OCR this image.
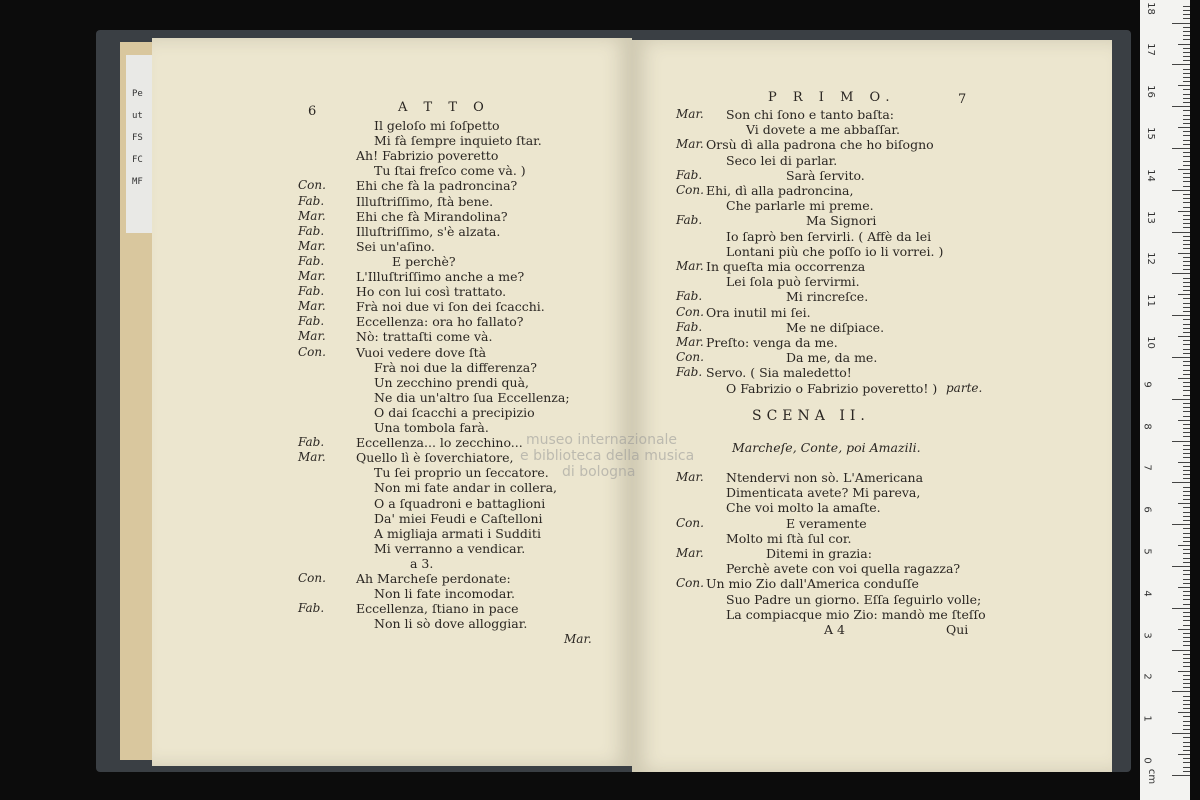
Pe
ut
FS
FC
MF
6	A T T O
Mar.
Il geloſo mi ſoſpetto
Mi fà ſempre inquieto ſtar.
Ah! Fabrizio poveretto
Tu ſtai freſco come và. )
Con. Ehi che fà la padroncina?
Fab.	Illuſtriſſimo, ſtà bene.
Mar. Ehi che fà Mirandolina?
Fab.	Illuſtriſſimo, s'è alzata.
Mar. Sei un'aſino.
Fab.	E perchè?
Mar. L'Illuſtriſſimo anche a me?
Fab.	Ho con lui così trattato.
Mar. Frà noi due vi ſon dei ſcacchi.
Fab.	Eccellenza: ora ho fallato?
Mar. Nò: trattaſti come và.
Con. Vuoi vedere dove ſtà
Frà noi due la differenza?
Un zecchino prendi quà,
Ne dia un'altro ſua Eccellenza;
O dai ſcacchi a precipizio
Una tombola farà.
Fab.	Eccellenza... lo zecchino...
Mar. Quello lì è ſoverchiatore,
Tu ſei proprio un ſeccatore.
Non mi fate andar in collera,
O a ſquadroni e battaglioni
Da' miei Feudi e Caſtelloni
A migliaja armati i Sudditi
Mi verranno a vendicar.
a 3.
Con. Ah Marcheſe perdonate:
Non li fate incomodar.
Fab.	Eccellenza, ſtiano in pace
Non li sò dove alloggiar.
P R I M O.	7
parte.
SCENA II.
Marcheſe, Conte, poi Amazili.
A 4	Qui
Mar. Son chi ſono e tanto baſta:
Vi dovete a me abbaſſar.
Mar. Orsù dì alla padrona che ho biſogno
Seco lei di parlar.
Fab.	Sarà ſervito.
Con. Ehi, dì alla padroncina,
Che parlarle mi preme.
Fab.	Ma Signori
Io ſaprò ben ſervirli. ( Affè da lei
Lontani più che poſſo io li vorrei. )
Mar. In queſta mia occorrenza
Lei ſola può ſervirmi.
Fab.	Mi rincreſce.
Con. Ora inutil mi ſei.
Fab.	Me ne diſpiace.
Mar. Preſto: venga da me.
Con.	Da me, da me.
Fab. Servo. ( Sia maledetto!
O Fabrizio o Fabrizio poveretto! )
Mar. Ntendervi non sò. L'Americana
Dimenticata avete? Mi pareva,
Che voi molto la amaſte.
Con.	E veramente
Molto mi ſtà ſul cor.
Mar.	Ditemi in grazia:
Perchè avete con voi quella ragazza?
Con. Un mio Zio dall'America conduſſe
Suo Padre un giorno. Eſſa ſeguirlo volle;
La compiacque mio Zio: mandò me ſteſſo
museo internazionale
e biblioteca della musica
di bologna
0
1
2
3
4
5
6
7
8
9
10
11
12
13
14
15
16
17
18
cm
